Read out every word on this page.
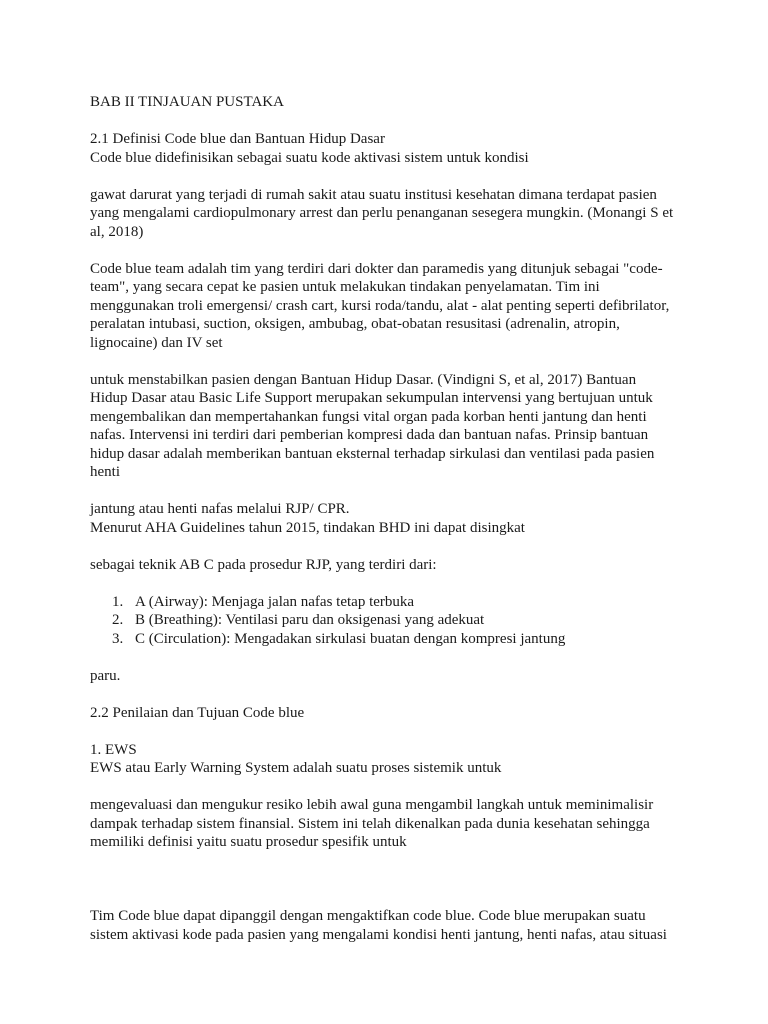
BAB II TINJAUAN PUSTAKA
2.1 Definisi Code blue dan Bantuan Hidup Dasar
Code blue didefinisikan sebagai suatu kode aktivasi sistem untuk kondisi
gawat darurat yang terjadi di rumah sakit atau suatu institusi kesehatan dimana terdapat pasien
yang mengalami cardiopulmonary arrest dan perlu penanganan sesegera mungkin. (Monangi S et
al, 2018)
Code blue team adalah tim yang terdiri dari dokter dan paramedis yang ditunjuk sebagai "code-
team", yang secara cepat ke pasien untuk melakukan tindakan penyelamatan. Tim ini
menggunakan troli emergensi/ crash cart, kursi roda/tandu, alat - alat penting seperti defibrilator,
peralatan intubasi, suction, oksigen, ambubag, obat-obatan resusitasi (adrenalin, atropin,
lignocaine) dan IV set
untuk menstabilkan pasien dengan Bantuan Hidup Dasar. (Vindigni S, et al, 2017) Bantuan
Hidup Dasar atau Basic Life Support merupakan sekumpulan intervensi yang bertujuan untuk
mengembalikan dan mempertahankan fungsi vital organ pada korban henti jantung dan henti
nafas. Intervensi ini terdiri dari pemberian kompresi dada dan bantuan nafas. Prinsip bantuan
hidup dasar adalah memberikan bantuan eksternal terhadap sirkulasi dan ventilasi pada pasien
henti
jantung atau henti nafas melalui RJP/ CPR.
Menurut AHA Guidelines tahun 2015, tindakan BHD ini dapat disingkat
sebagai teknik AB C pada prosedur RJP, yang terdiri dari:
1. A (Airway): Menjaga jalan nafas tetap terbuka
2. B (Breathing): Ventilasi paru dan oksigenasi yang adekuat
3. C (Circulation): Mengadakan sirkulasi buatan dengan kompresi jantung
paru.
2.2 Penilaian dan Tujuan Code blue
1. EWS
EWS atau Early Warning System adalah suatu proses sistemik untuk
mengevaluasi dan mengukur resiko lebih awal guna mengambil langkah untuk meminimalisir
dampak terhadap sistem finansial. Sistem ini telah dikenalkan pada dunia kesehatan sehingga
memiliki definisi yaitu suatu prosedur spesifik untuk
Tim Code blue dapat dipanggil dengan mengaktifkan code blue. Code blue merupakan suatu
sistem aktivasi kode pada pasien yang mengalami kondisi henti jantung, henti nafas, atau situasi
